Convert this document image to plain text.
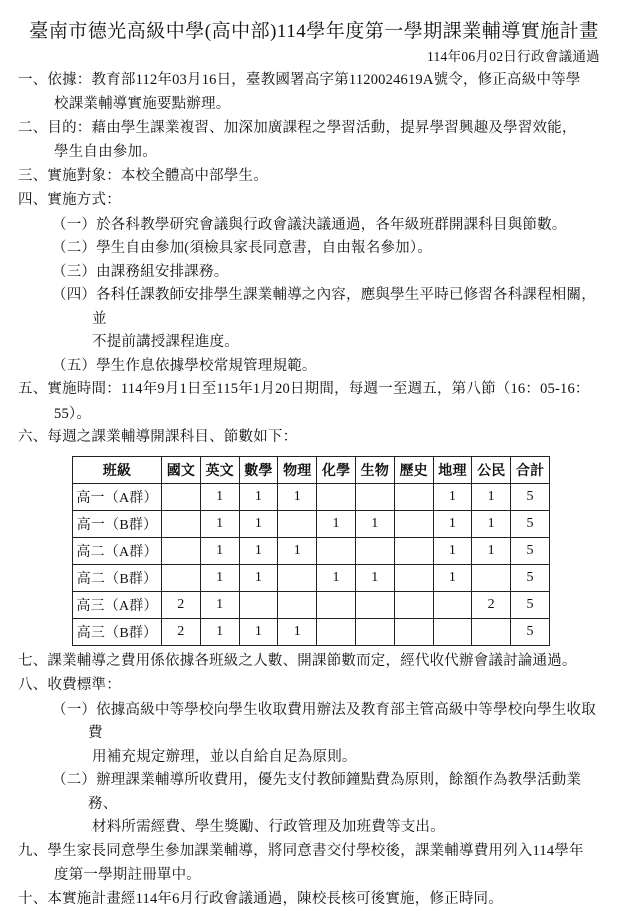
臺南市德光高級中學(高中部)114學年度第一學期課業輔導實施計畫
114年06月02日行政會議通過
一、依據：教育部112年03月16日，臺教國署高字第1120024619A號令，修正高級中等學
校課業輔導實施要點辦理。
二、目的：藉由學生課業複習、加深加廣課程之學習活動，提昇學習興趣及學習效能，
學生自由參加。
三、實施對象：本校全體高中部學生。
四、實施方式：
（一）於各科教學研究會議與行政會議決議通過，各年級班群開課科目與節數。
（二）學生自由參加(須檢具家長同意書，自由報名參加）。
（三）由課務組安排課務。
（四）各科任課教師安排學生課業輔導之內容，應與學生平時已修習各科課程相關，並
不提前講授課程進度。
（五）學生作息依據學校常規管理規範。
五、實施時間：114年9月1日至115年1月20日期間，每週一至週五，第八節（16：05-16：
55）。
六、每週之課業輔導開課科目、節數如下：
班級	國文	英文	數學	物理	化學	生物	歷史	地理	公民	合計
高一（A群）		1	1	1				1	1	5
高一（B群）		1	1		1	1		1	1	5
高二（A群）		1	1	1				1	1	5
高二（B群）		1	1		1	1		1		5
高三（A群）	2	1							2	5
高三（B群）	2	1	1	1						5
七、課業輔導之費用係依據各班級之人數、開課節數而定，經代收代辦會議討論通過。
八、收費標準：
（一）依據高級中等學校向學生收取費用辦法及教育部主管高級中等學校向學生收取費
用補充規定辦理，並以自給自足為原則。
（二）辦理課業輔導所收費用，優先支付教師鐘點費為原則，餘額作為教學活動業務、
材料所需經費、學生獎勵、行政管理及加班費等支出。
九、學生家長同意學生參加課業輔導，將同意書交付學校後，課業輔導費用列入114學年
度第一學期註冊單中。
十、本實施計畫經114年6月行政會議通過，陳校長核可後實施，修正時同。
